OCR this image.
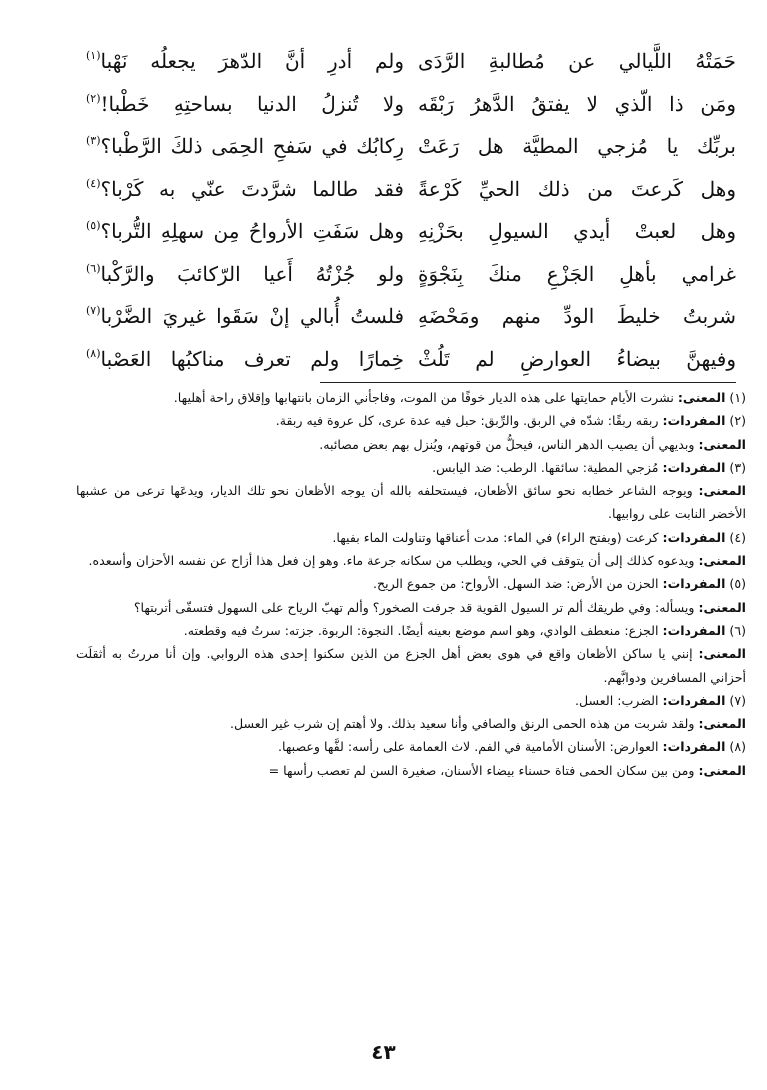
حَمَتْهُ اللَّيالي عن مُطالبةِ الرَّدَى
ولم أدرِ أنَّ الدّهرَ يجعلُه نَهْبا$^{(١)}$
ومَن ذا الّذي لا يفتقُ الدَّهرُ رَبْقَه
ولا تُنزلُ الدنيا بساحتِهِ خَطْبا!$^{(٢)}$
بربِّك يا مُزجي المطيَّة هل رَعَتْ
رِكابُك في سَفحِ الحِمَى ذلكَ الرَّطْبا؟$^{(٣)}$
وهل كَرعتَ من ذلك الحيِّ كَرْعةً
فقد طالما شرَّدتَ عنّي به كَرْبا؟$^{(٤)}$
وهل لعبتْ أيدي السيولِ بحَزْنِهِ
وهل سَفَتِ الأرواحُ مِن سهلِهِ التُّربا؟$^{(٥)}$
غرامي بأهلِ الجَزْعِ منكَ بِنَجْوَةٍ
ولو جُزْتُهُ أَعيا الرّكائبَ والرَّكْبا$^{(٦)}$
شربتُ خليطَ الودِّ منهم ومَحْضَهِ
فلستُ أُبالي إنْ سَقَوا غيريَ الضَّرْبا$^{(٧)}$
وفيهنَّ بيضاءُ العوارضِ لم تَلُثْ
خِمارًا ولم تعرف مناكبُها العَصْبا$^{(٨)}$

(١)المعنى: نشرت الأيام حمايتها على هذه الديار خوفًا من الموت، وفاجأني الزمان بانتهابها وإقلاق راحة أهليها.

(٢)المفردات: ربقه ربقًا: شدّه في الربق. والرِّبق: حبل فيه عدة عرى، كل عروة فيه ربقة.

المعنى: وبديهي أن يصيب الدهر الناس، فيحلُّ من قوتهم، ويُنزل بهم بعض مصائبه.

(٣)المفردات: مُزجي المطية: سائقها. الرطب: ضد اليابس.

المعنى: ويوجه الشاعر خطابه نحو سائق الأظعان، فيستحلفه بالله أن يوجه الأظعان نحو تلك الديار، ويدعَها ترعى من عشبها الأخضر النابت على روابيها.

(٤)المفردات: كرعت (وبفتح الراء) في الماء: مدت أعناقها وتناولت الماء بفيها.

المعنى: ويدعوه كذلك إلى أن يتوقف في الحي، ويطلب من سكانه جرعة ماء. وهو إن فعل هذا أزاح عن نفسه الأحزان وأسعده.

(٥)المفردات: الحزن من الأرض: ضد السهل. الأرواح: من جموع الريح.

المعنى: ويسأله: وفي طريقك ألم تر السيول القوية قد جرفت الصخور؟ وألم تهبّ الرياح على السهول فتسفّى أتربتها؟

(٦)المفردات: الجزع: منعطف الوادي، وهو اسم موضع بعينه أيضًا. النجوة: الربوة. جزته: سرتُ فيه وقطعته.

المعنى: إنني يا ساكن الأظعان واقع في هوى بعض أهل الجزع من الذين سكنوا إحدى هذه الروابي. وإن أنا مررتُ به أثقلَت أحزاني المسافرين ودوابَّهم.

(٧)المفردات: الضرب: العسل.

المعنى: ولقد شربت من هذه الحمى الرنق والصافي وأنا سعيد بذلك. ولا أهتم إن شرب غير العسل.

(٨)المفردات: العوارض: الأسنان الأمامية في الفم. لاث العمامة على رأسه: لفَّها وعصبها.

المعنى: ومن بين سكان الحمى فتاة حسناء بيضاء الأسنان، صغيرة السن لم تعصب رأسها =

٤٣
